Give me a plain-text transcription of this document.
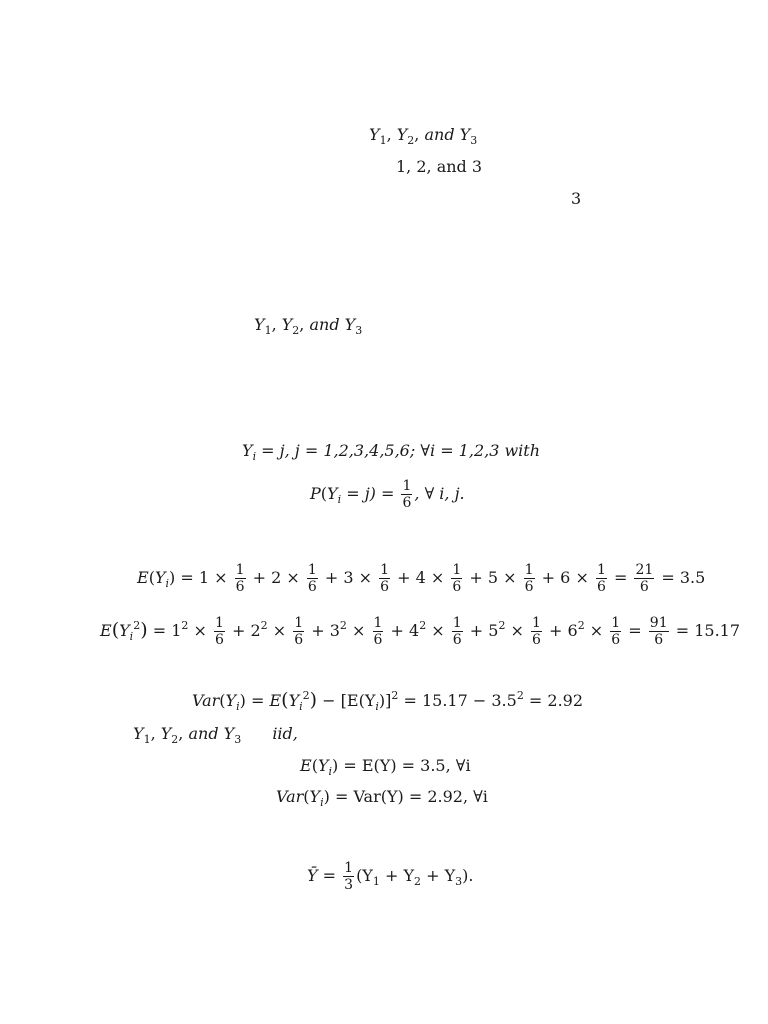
$Y_1$, $Y_2$, and $Y_3$
1, 2, and 3
3
$Y_1$, $Y_2$, and $Y_3$
$Y_i = j$, j = 1,2,3,4,5,6; ∀i = 1,2,3 with
$P(Y_i = j) = \frac{1}{6}$ , ∀ i, j.
$E(Y_i) = 1 \times \frac{1}{6} + 2 \times \frac{1}{6} + 3 \times \frac{1}{6} + 4 \times \frac{1}{6} + 5 \times \frac{1}{6} + 6 \times \frac{1}{6} = \frac{21}{6} = 3.5$
$E(Y_i^2) = 1^2 \times \frac{1}{6} + 2^2 \times \frac{1}{6} + 3^2 \times \frac{1}{6} + 4^2 \times \frac{1}{6} + 5^2 \times \frac{1}{6} + 6^2 \times \frac{1}{6} = \frac{91}{6} = 15.17$
$Var(Y_i) = E(Y_i^2) - [E(Y_i)]^2 = 15.17 - 3.5^2 = 2.92$
$Y_1$, $Y_2$, and $Y_3$ iid,
$E(Y_i) = E(Y) = 3.5$, ∀i
$Var(Y_i) = Var(Y) = 2.92$, ∀i
Ȳ = $\frac{1}{3} (Y_1 + Y_2 + Y_3)$.
